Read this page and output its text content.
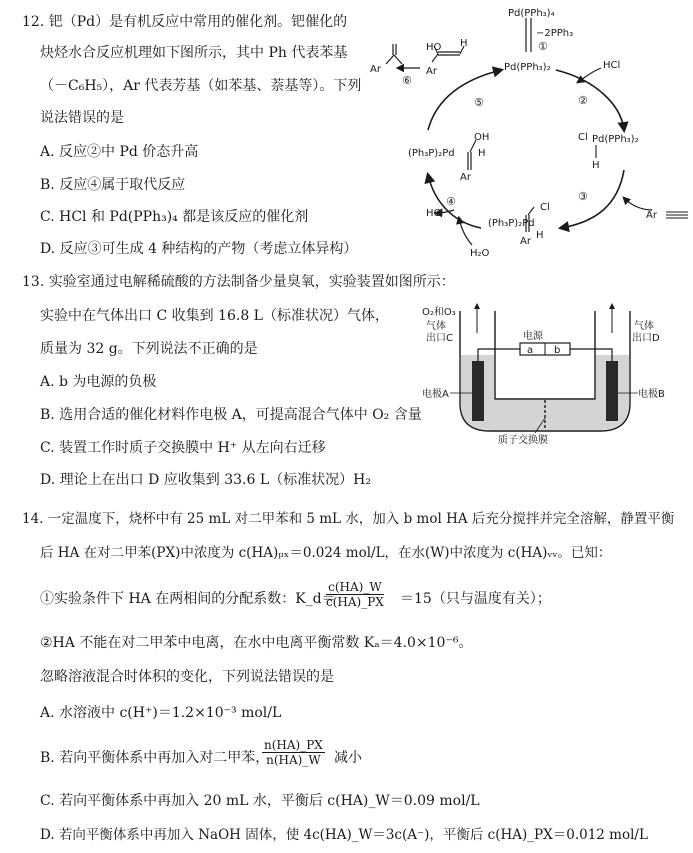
12. 钯（Pd）是有机反应中常用的催化剂。钯催化的
炔烃水合反应机理如下图所示，其中 Ph 代表苯基
（－C₆H₅），Ar 代表芳基（如苯基、萘基等）。下列
说法错误的是
A. 反应②中 Pd 价态升高
B. 反应④属于取代反应
C. HCl 和 Pd(PPh₃)₄ 都是该反应的催化剂
D. 反应③可生成 4 种结构的产物（考虑立体异构）
Pd(PPh₃)₄
−2PPh₃
①
Pd(PPh₃)₂	HCl
②
Cl Pd(PPh₃)₂
H
③
Ar
Cl
(Ph₃P)₂Pd
H
Ar
HCl
H₂O
④
OH
(Ph₃P)₂Pd H
Ar
⑤
HO H
Ar
Ar
⑥
13. 实验室通过电解稀硫酸的方法制备少量臭氧，实验装置如图所示：
实验中在气体出口 C 收集到 16.8 L（标准状况）气体，
质量为 32 g。下列说法不正确的是
A. b 为电源的负极
B. 选用合适的催化材料作电极 A，可提高混合气体中 O₂ 含量
C. 装置工作时质子交换膜中 H⁺ 从左向右迁移
D. 理论上在出口 D 应收集到 33.6 L（标准状况）H₂
O₂和O₃
气体
出口C	电源
a b
气体
出口D
电极A	电极B
质子交换膜
14. 一定温度下，烧杯中有 25 mL 对二甲苯和 5 mL 水，加入 b mol HA 后充分搅拌并完全溶解，静置平衡
后 HA 在对二甲苯(PX)中浓度为 c(HA)ₚₓ＝0.024 mol/L，在水(W)中浓度为 c(HA)ᵥᵥ。已知：
①实验条件下 HA 在两相间的分配系数：K_d＝
$\frac{c(HA)\_W}{c(HA)\_PX} =15$（只与温度有关）；
②HA 不能在对二甲苯中电离，在水中电离平衡常数 Kₐ＝4.0×10⁻⁶。
忽略溶液混合时体积的变化，下列说法错误的是
A. 水溶液中 c(H⁺)＝1.2×10⁻³ mol/L
B. 若向平衡体系中再加入对二甲苯，
$\frac{n(HA)\_PX}{n(HA)\_W}$ 减小
C. 若向平衡体系中再加入 20 mL 水，平衡后 c(HA)_W＝0.09 mol/L
D. 若向平衡体系中再加入 NaOH 固体，使 4c(HA)_W＝3c(A⁻)，平衡后 c(HA)_PX＝0.012 mol/L
